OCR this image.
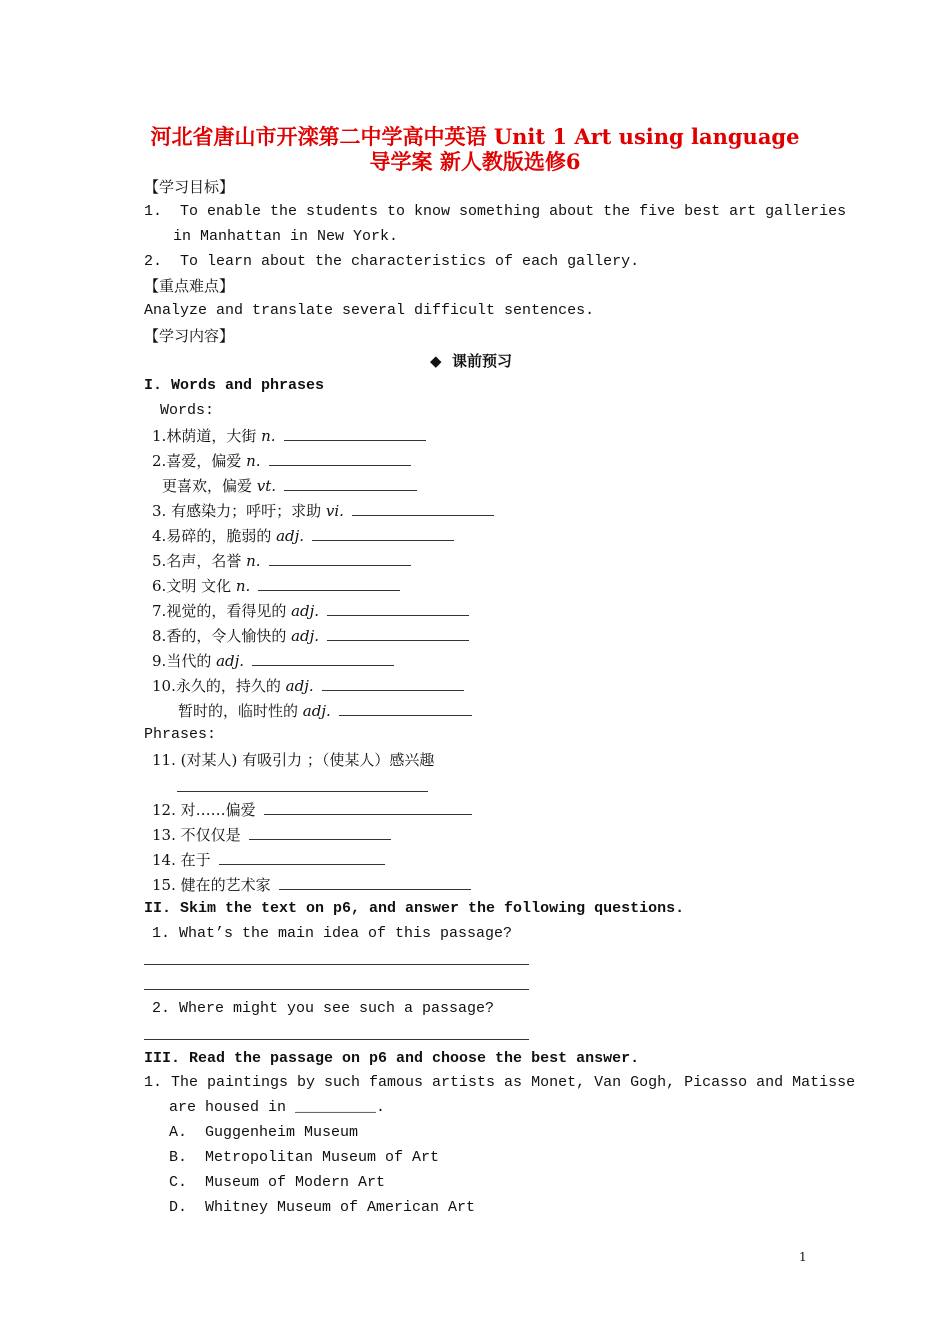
河北省唐山市开滦第二中学高中英语 Unit 1 Art using language
导学案 新人教版选修6
【学习目标】
1.  To enable the students to know something about the five best art galleries
in Manhattan in New York.
2.  To learn about the characteristics of each gallery.
【重点难点】
Analyze and translate several difficult sentences.
【学习内容】
◆  课前预习
I. Words and phrases
Words:
1.林荫道，大街 n.
2.喜爱，偏爱 n.
更喜欢，偏爱 vt.
3. 有感染力；呼吁；求助 vi.
4.易碎的，脆弱的 adj.
5.名声，名誉 n.
6.文明 文化 n.
7.视觉的，看得见的 adj.
8.香的，令人愉快的 adj.
9.当代的 adj.
10.永久的，持久的 adj.
暂时的，临时性的 adj.
Phrases:
11. (对某人) 有吸引力 ；（使某人）感兴趣
12. 对……偏爱
13. 不仅仅是
14. 在于
15. 健在的艺术家
II. Skim the text on p6, and answer the following questions.
1. What’s the main idea of this passage?
2. Where might you see such a passage?
III. Read the passage on p6 and choose the best answer.
1. The paintings by such famous artists as Monet, Van Gogh, Picasso and Matisse
are housed in _________.
A.  Guggenheim Museum
B.  Metropolitan Museum of Art
C.  Museum of Modern Art
D.  Whitney Museum of American Art
1
